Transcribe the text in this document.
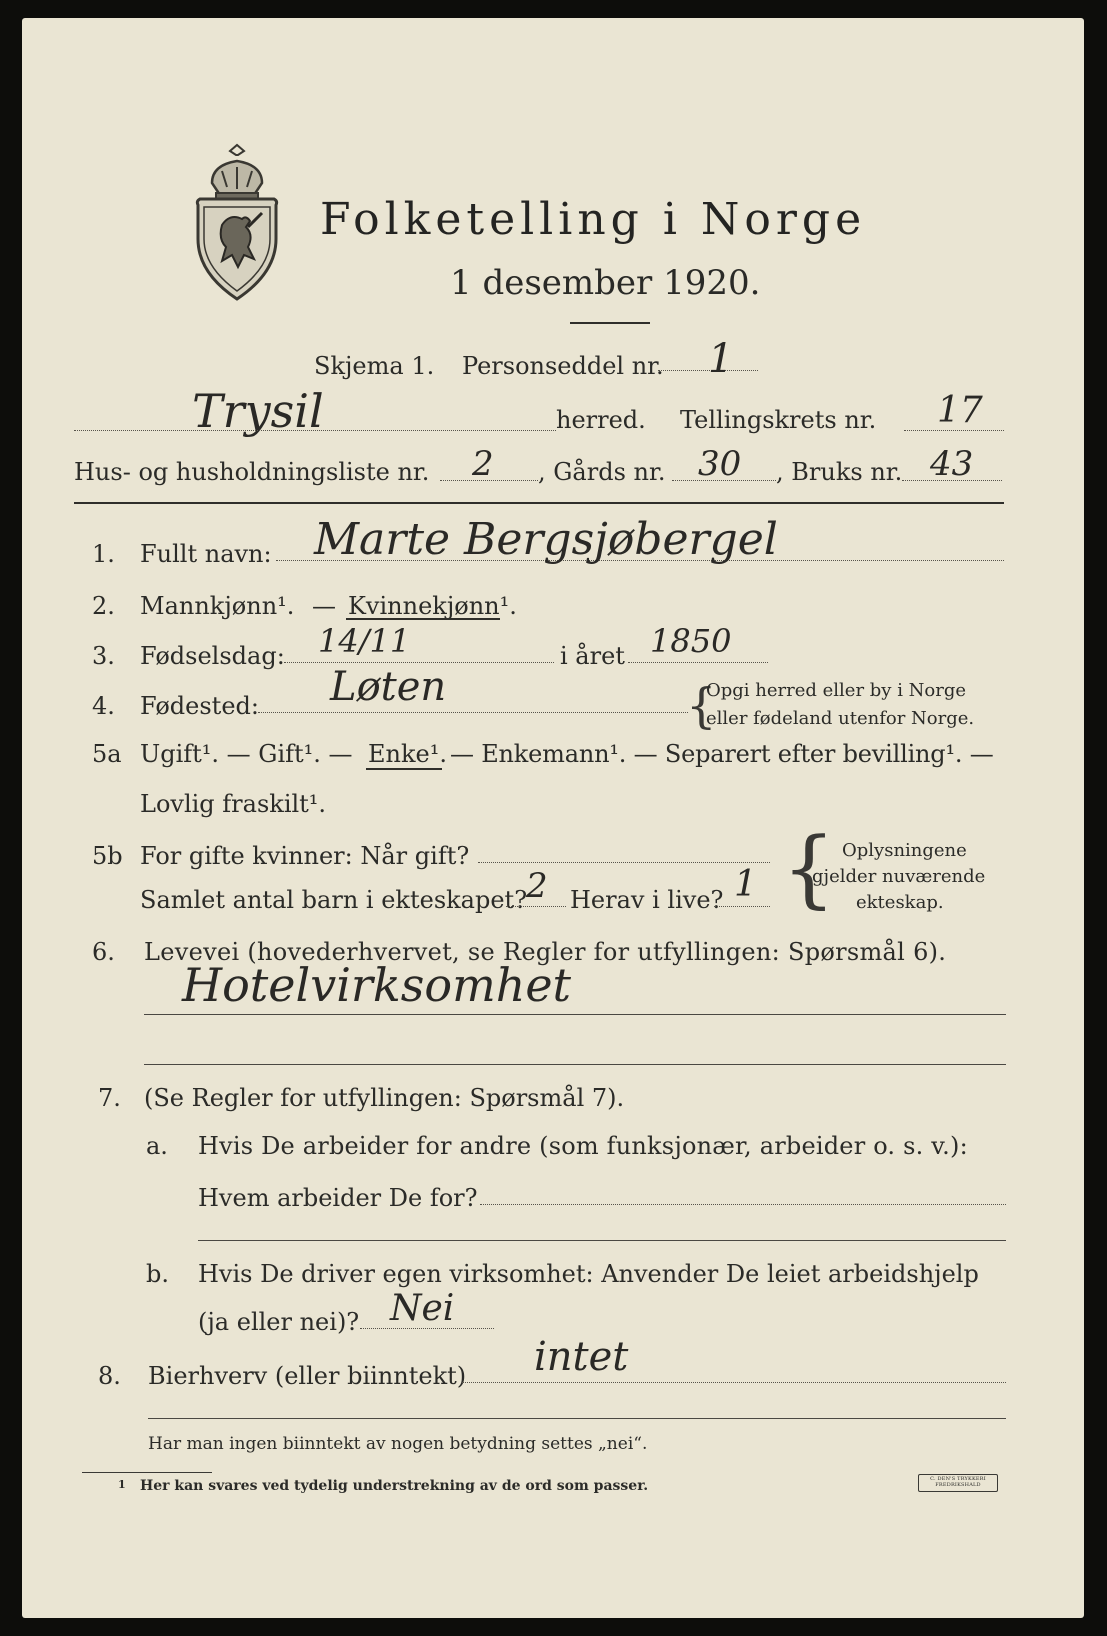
Folketelling i Norge
1 desember 1920.
Skjema 1. Personseddel nr. 1
Trysil	herred. Tellingskrets nr. 17
Hus- og husholdningsliste nr. 2 , Gårds nr. 30 , Bruks nr. 43
1. Fullt navn: Marte Bergsjøbergel
2. Mannkjønn¹. — Kvinnekjønn¹.
3. Fødselsdag: 14/11	i året 1850
4. Fødested: Løten	{
Opgi herred eller by i Norge
eller fødeland utenfor Norge.
5a Ugift¹. — Gift¹. — Enke¹. — Enkemann¹. — Separert efter bevilling¹. —
Lovlig fraskilt¹.
5b For gifte kvinner: Når gift?
Samlet antal barn i ekteskapet?
2 Herav i live? 1 { Oplysningene
gjelder nuværende
ekteskap.
6. Levevei (hovederhvervet, se Regler for utfyllingen: Spørsmål 6).
Hotelvirksomhet
7. (Se Regler for utfyllingen: Spørsmål 7).
a. Hvis De arbeider for andre (som funksjonær, arbeider o. s. v.):
Hvem arbeider De for?
b. Hvis De driver egen virksomhet: Anvender De leiet arbeidshjelp
(ja eller nei)? Nei
8. Bierhverv (eller biinntekt) intet
Har man ingen biinntekt av nogen betydning settes „nei“.
1 Her kan svares ved tydelig understrekning av de ord som passer.	C. DEN'S TRYKKERI FREDRIKSHALD
